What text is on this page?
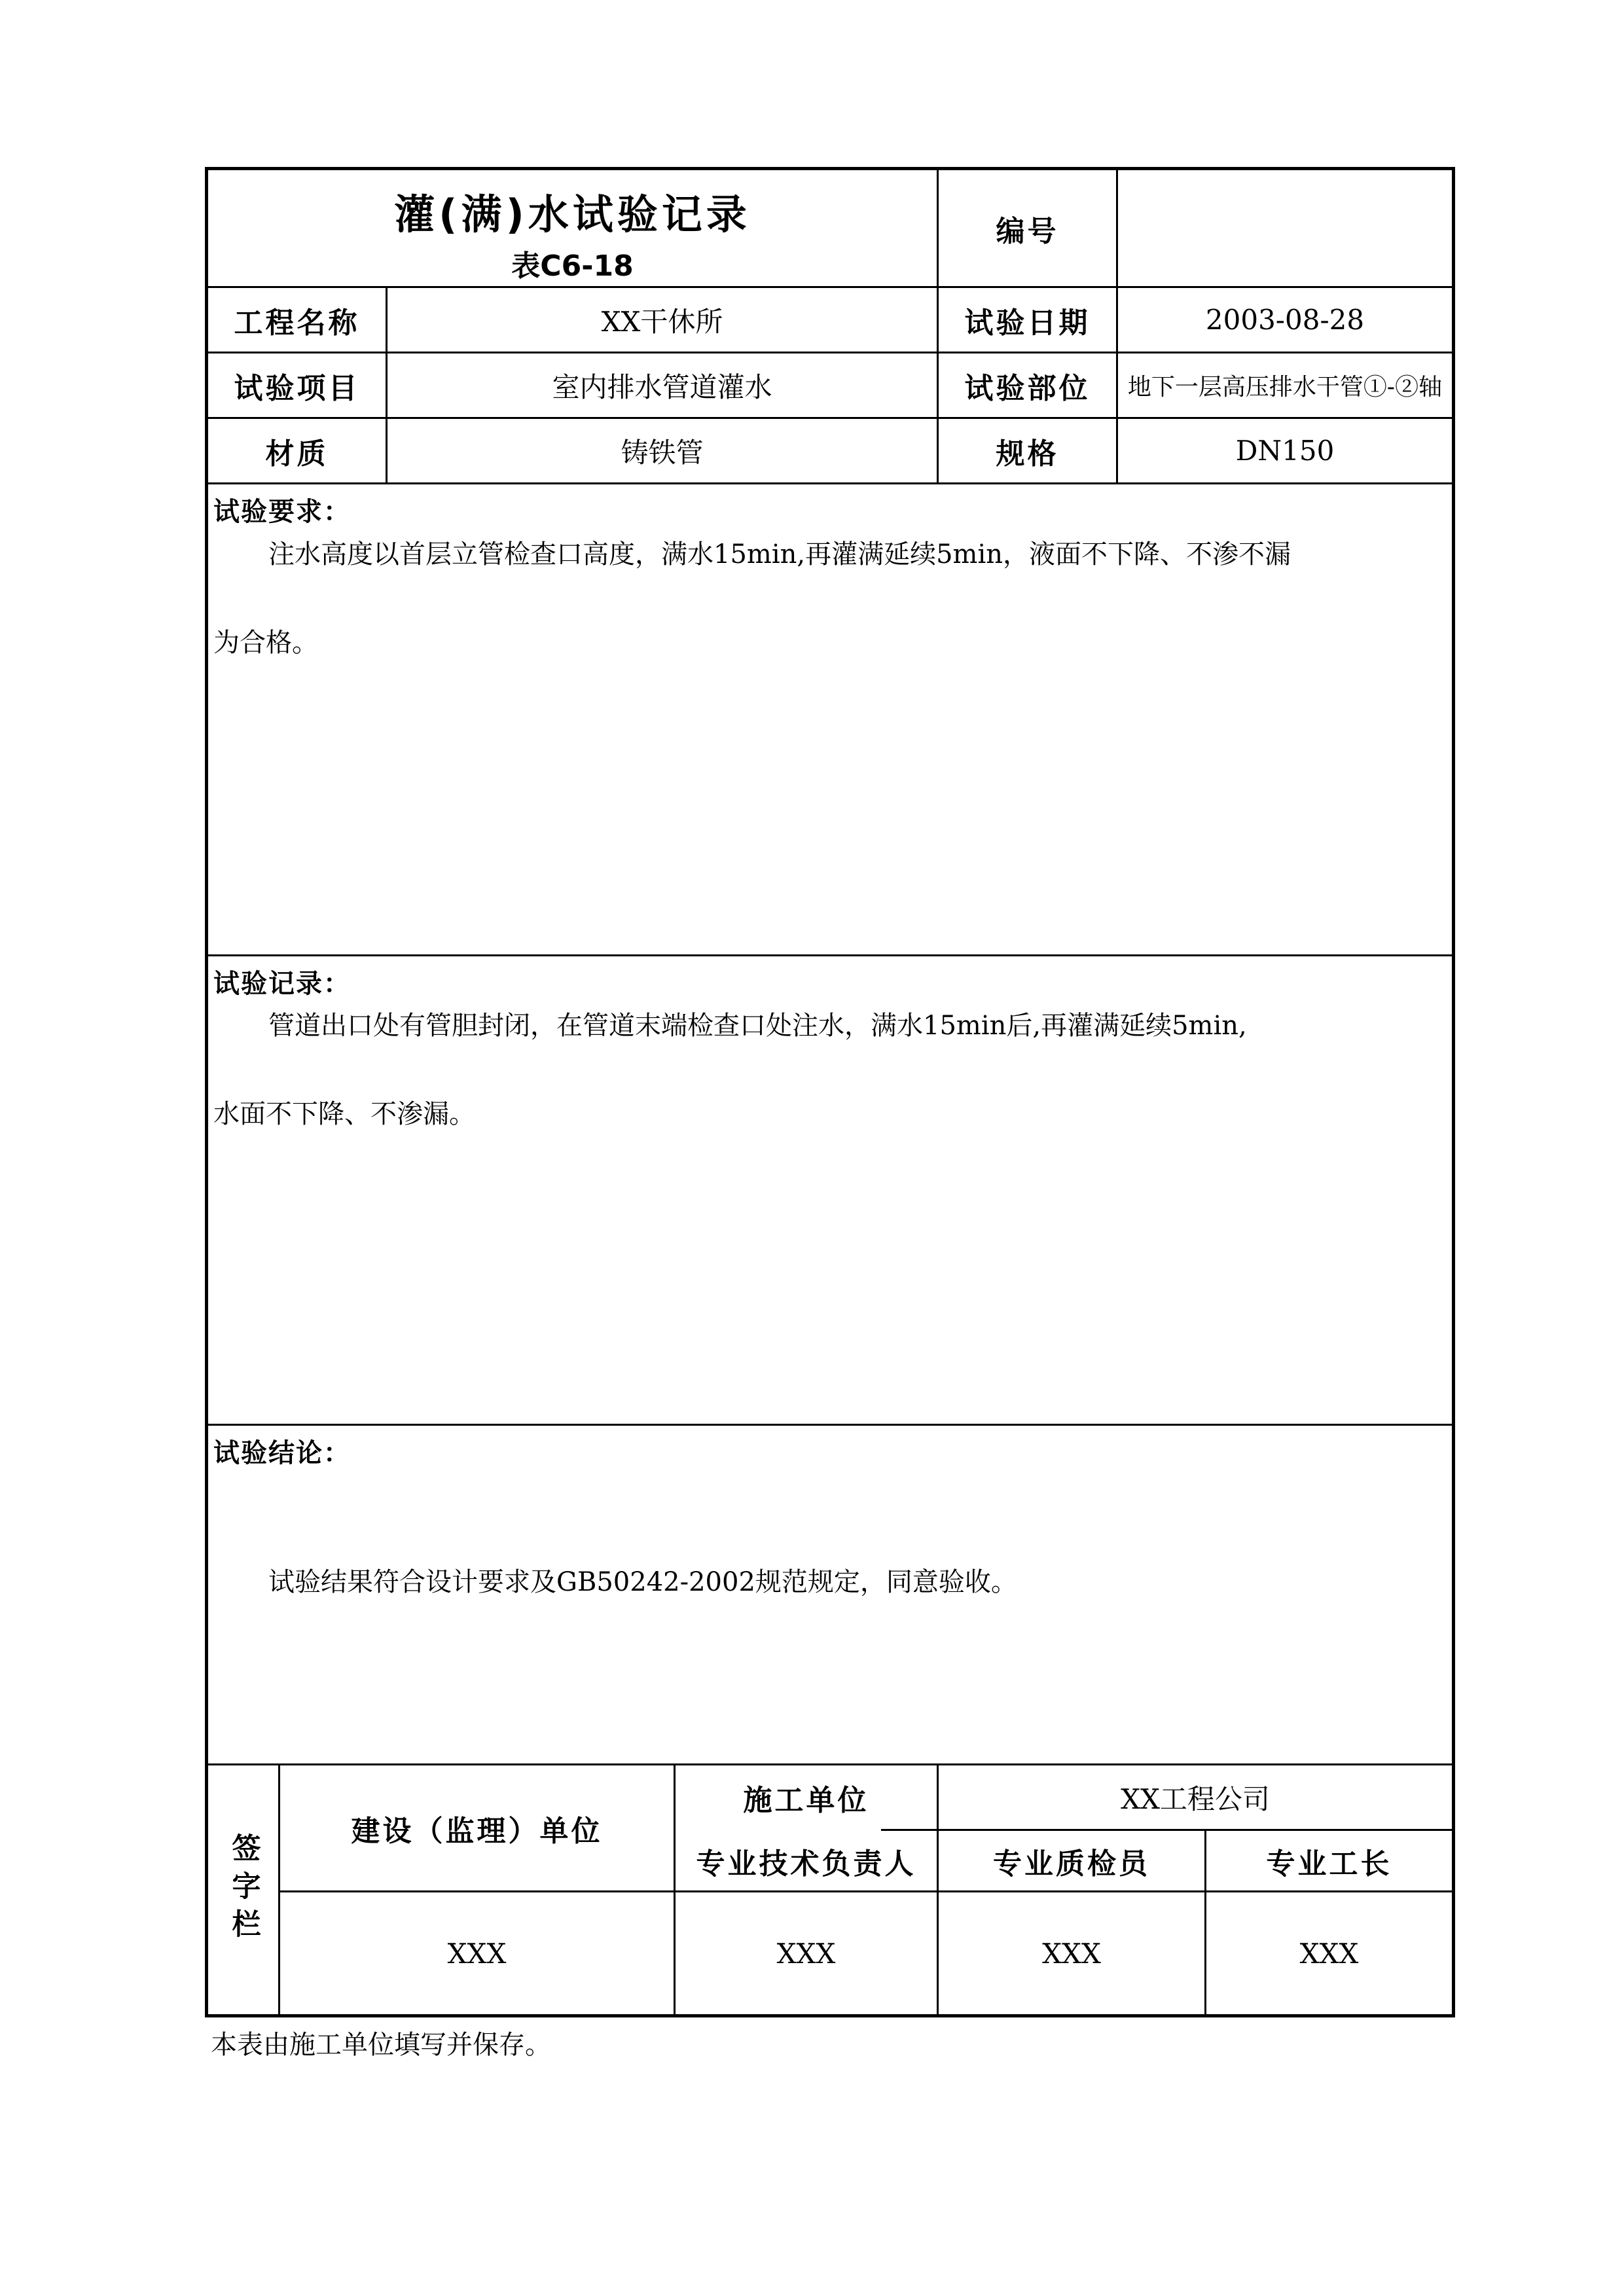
灌(满)水试验记录
表C6-18
编号
工程名称	XX干休所	试验日期	2003-08-28
试验项目	室内排水管道灌水	试验部位	地下一层高压排水干管①-②轴
材质	铸铁管	规格	DN150
试验要求：
注水高度以首层立管检查口高度，满水15min,再灌满延续5min，液面不下降、不渗不漏
为合格。
试验记录：
管道出口处有管胆封闭，在管道末端检查口处注水，满水15min后,再灌满延续5min,
水面不下降、不渗漏。
试验结论：
试验结果符合设计要求及GB50242-2002规范规定，同意验收。
签字栏
建设（监理）单位
施工单位	XX工程公司
专业技术负责人	专业质检员	专业工长
XXX	XXX	XXX	XXX
本表由施工单位填写并保存。
